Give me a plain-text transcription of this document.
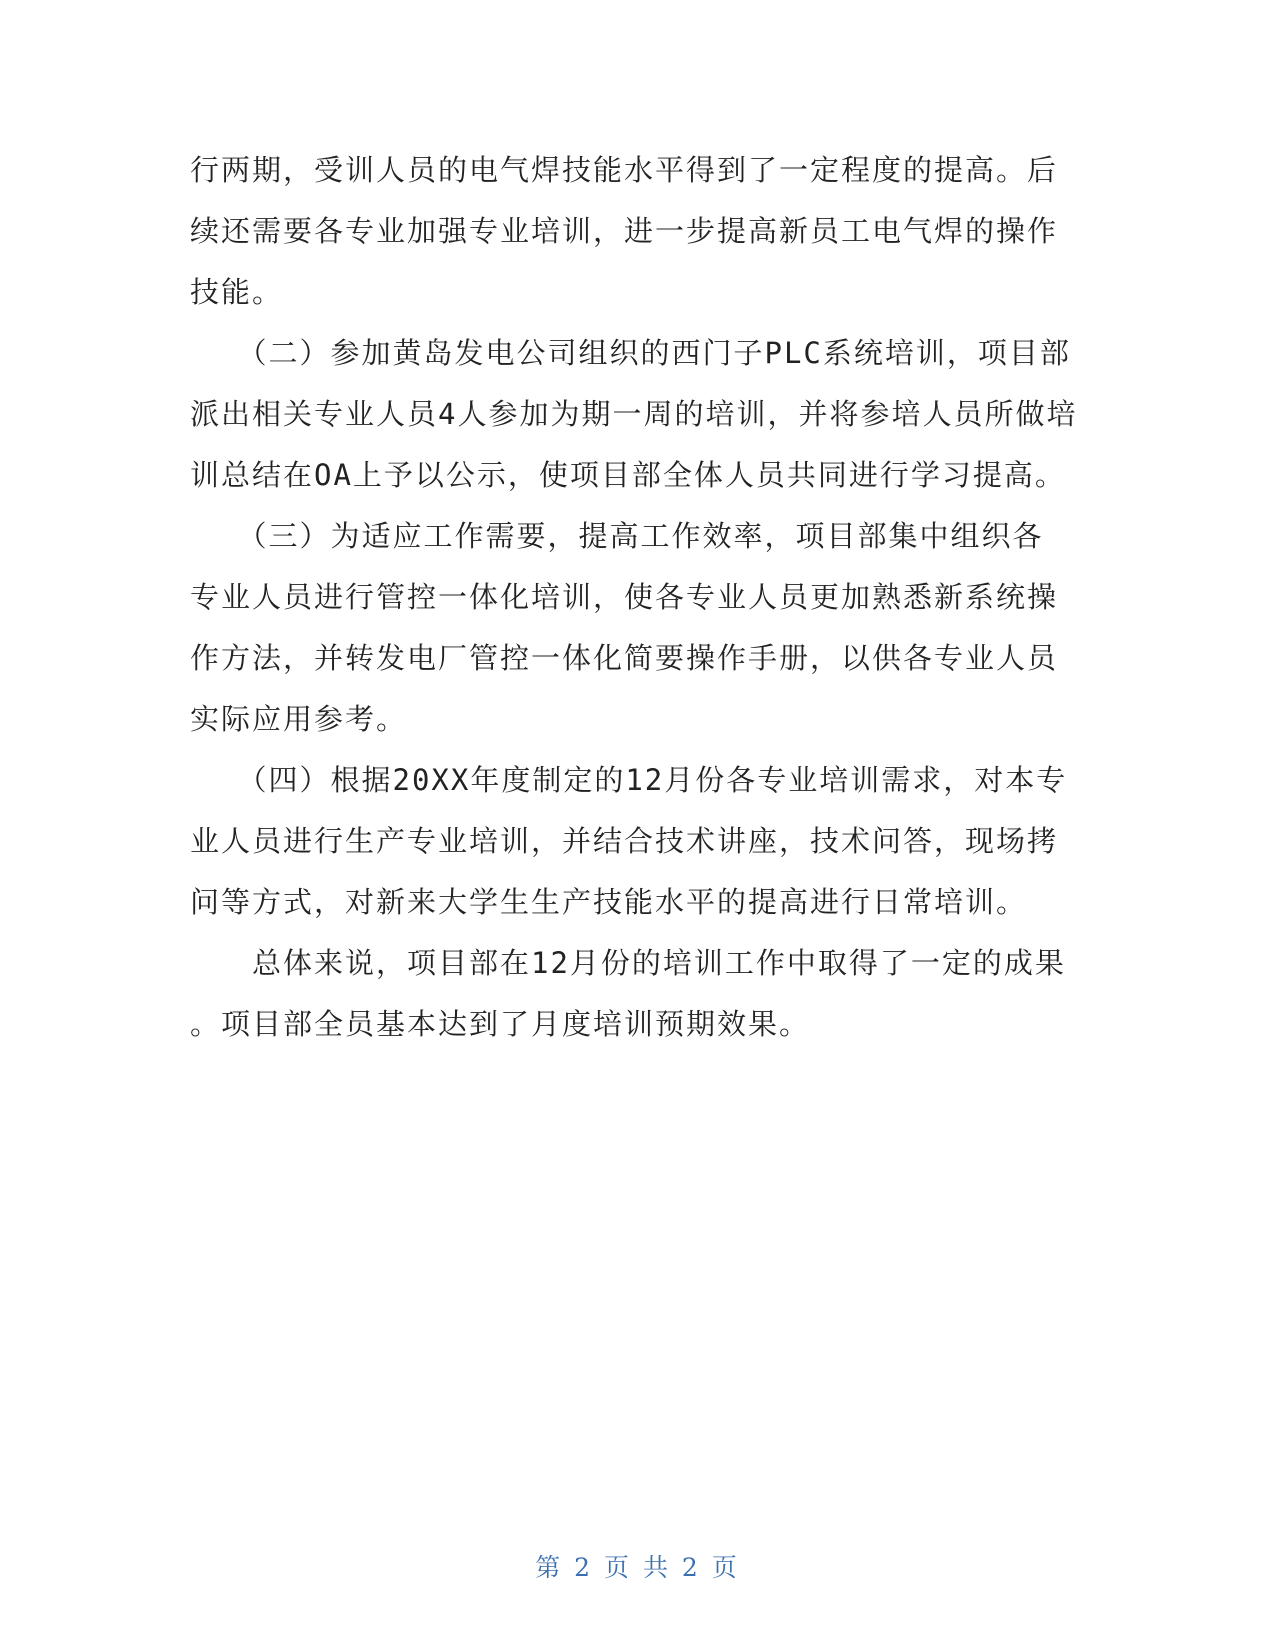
行两期，受训人员的电气焊技能水平得到了一定程度的提高。后
续还需要各专业加强专业培训，进一步提高新员工电气焊的操作
技能。
　　（二）参加黄岛发电公司组织的西门子PLC系统培训，项目部
派出相关专业人员4人参加为期一周的培训，并将参培人员所做培
训总结在OA上予以公示，使项目部全体人员共同进行学习提高。
　　（三）为适应工作需要，提高工作效率，项目部集中组织各
专业人员进行管控一体化培训，使各专业人员更加熟悉新系统操
作方法，并转发电厂管控一体化简要操作手册，以供各专业人员
实际应用参考。
　　（四）根据20XX年度制定的12月份各专业培训需求，对本专
业人员进行生产专业培训，并结合技术讲座，技术问答，现场拷
问等方式，对新来大学生生产技能水平的提高进行日常培训。
　　总体来说，项目部在12月份的培训工作中取得了一定的成果
。项目部全员基本达到了月度培训预期效果。
第 2 页 共 2 页
